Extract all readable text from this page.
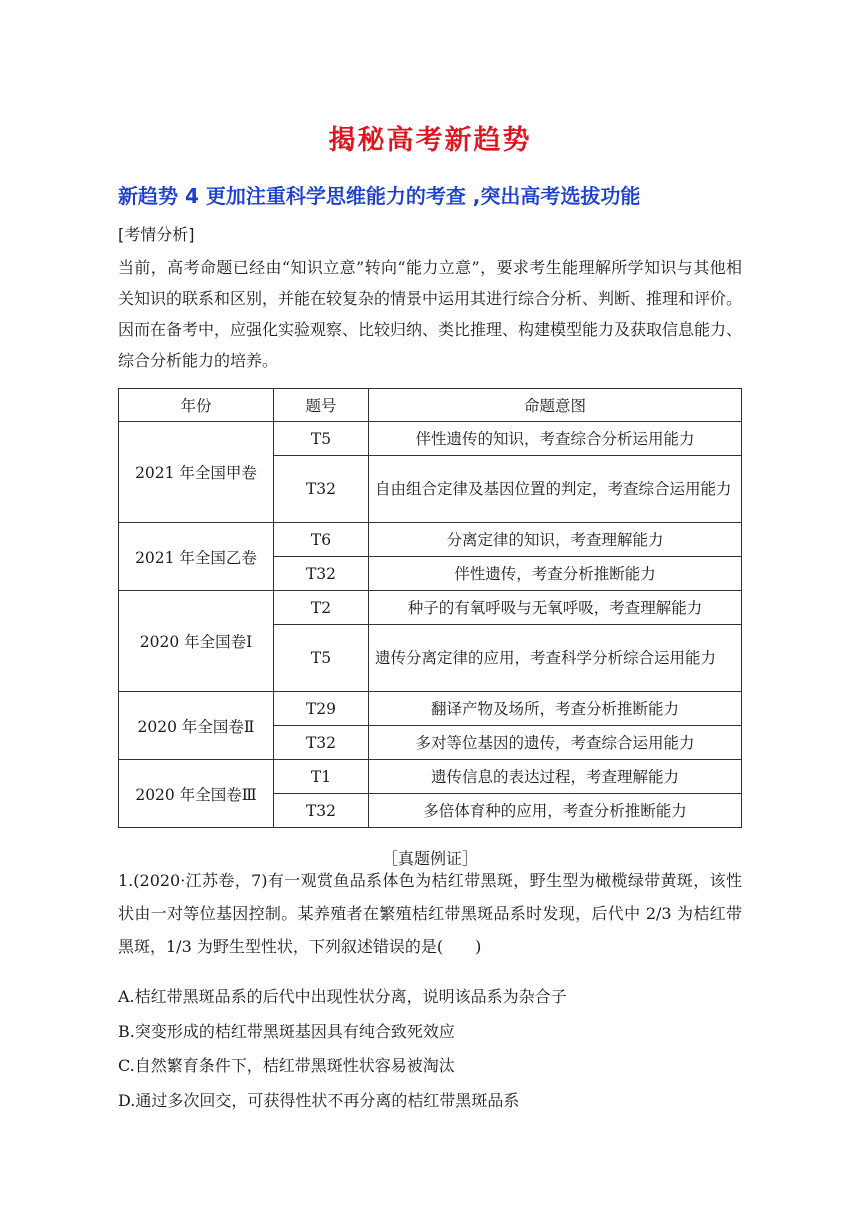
揭秘高考新趋势
新趋势 4 更加注重科学思维能力的考查 ,突出高考选拔功能
[考情分析]
当前，高考命题已经由“知识立意”转向“能力立意”，要求考生能理解所学知识与其他相关知识的联系和区别，并能在较复杂的情景中运用其进行综合分析、判断、推理和评价。因而在备考中，应强化实验观察、比较归纳、类比推理、构建模型能力及获取信息能力、综合分析能力的培养。
年份	题号	命题意图
2021 年全国甲卷	T5	伴性遗传的知识，考查综合分析运用能力
	T32	自由组合定律及基因位置的判定，考查综合运用能力
2021 年全国乙卷	T6	分离定律的知识，考查理解能力
	T32	伴性遗传，考查分析推断能力
2020 年全国卷Ⅰ	T2	种子的有氧呼吸与无氧呼吸，考查理解能力
	T5	遗传分离定律的应用，考查科学分析综合运用能力
2020 年全国卷Ⅱ	T29	翻译产物及场所，考查分析推断能力
	T32	多对等位基因的遗传，考查综合运用能力
2020 年全国卷Ⅲ	T1	遗传信息的表达过程，考查理解能力
	T32	多倍体育种的应用，考查分析推断能力
［真题例证］
1.(2020·江苏卷，7)有一观赏鱼品系体色为桔红带黑斑，野生型为橄榄绿带黄斑，该性状由一对等位基因控制。某养殖者在繁殖桔红带黑斑品系时发现，后代中 2/3 为桔红带黑斑，1/3 为野生型性状，下列叙述错误的是(　　)
A.桔红带黑斑品系的后代中出现性状分离，说明该品系为杂合子
B.突变形成的桔红带黑斑基因具有纯合致死效应
C.自然繁育条件下，桔红带黑斑性状容易被淘汰
D.通过多次回交，可获得性状不再分离的桔红带黑斑品系
